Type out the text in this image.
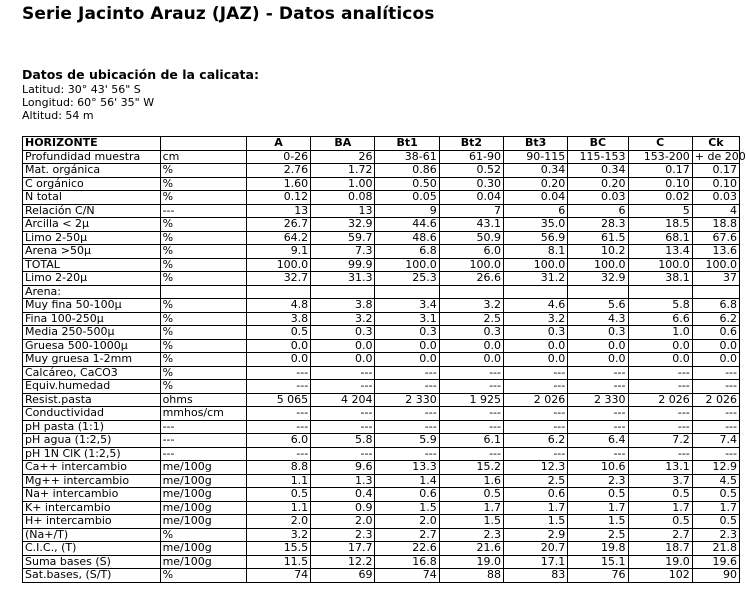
Serie Jacinto Arauz (JAZ) - Datos analíticos
Datos de ubicación de la calicata:
Latitud: 30° 43' 56" S
Longitud: 60° 56' 35" W
Altitud: 54 m
HORIZONTE		A	BA	Bt1	Bt2	Bt3	BC	C	Ck
Profundidad muestra	cm	0-26	26	38-61	61-90	90-115	115-153	153-200	+ de 200
Mat. orgánica	%	2.76	1.72	0.86	0.52	0.34	0.34	0.17	0.17
C orgánico	%	1.60	1.00	0.50	0.30	0.20	0.20	0.10	0.10
N total	%	0.12	0.08	0.05	0.04	0.04	0.03	0.02	0.03
Relación C/N	---	13	13	9	7	6	6	5	4
Arcilla < 2µ	%	26.7	32.9	44.6	43.1	35.0	28.3	18.5	18.8
Limo 2-50µ	%	64.2	59.7	48.6	50.9	56.9	61.5	68.1	67.6
Arena >50µ	%	9.1	7.3	6.8	6.0	8.1	10.2	13.4	13.6
TOTAL	%	100.0	99.9	100.0	100.0	100.0	100.0	100.0	100.0
Limo 2-20µ	%	32.7	31.3	25.3	26.6	31.2	32.9	38.1	37
Arena:									
Muy fina 50-100µ	%	4.8	3.8	3.4	3.2	4.6	5.6	5.8	6.8
Fina 100-250µ	%	3.8	3.2	3.1	2.5	3.2	4.3	6.6	6.2
Media 250-500µ	%	0.5	0.3	0.3	0.3	0.3	0.3	1.0	0.6
Gruesa 500-1000µ	%	0.0	0.0	0.0	0.0	0.0	0.0	0.0	0.0
Muy gruesa 1-2mm	%	0.0	0.0	0.0	0.0	0.0	0.0	0.0	0.0
Calcáreo, CaCO3	%	---	---	---	---	---	---	---	---
Equiv.humedad	%	---	---	---	---	---	---	---	---
Resist.pasta	ohms	5 065	4 204	2 330	1 925	2 026	2 330	2 026	2 026
Conductividad	mmhos/cm	---	---	---	---	---	---	---	---
pH pasta (1:1)	---	---	---	---	---	---	---	---	---
pH agua (1:2,5)	---	6.0	5.8	5.9	6.1	6.2	6.4	7.2	7.4
pH 1N ClK (1:2,5)	---	---	---	---	---	---	---	---	---
Ca++ intercambio	me/100g	8.8	9.6	13.3	15.2	12.3	10.6	13.1	12.9
Mg++ intercambio	me/100g	1.1	1.3	1.4	1.6	2.5	2.3	3.7	4.5
Na+ intercambio	me/100g	0.5	0.4	0.6	0.5	0.6	0.5	0.5	0.5
K+ intercambio	me/100g	1.1	0.9	1.5	1.7	1.7	1.7	1.7	1.7
H+ intercambio	me/100g	2.0	2.0	2.0	1.5	1.5	1.5	0.5	0.5
(Na+/T)	%	3.2	2.3	2.7	2.3	2.9	2.5	2.7	2.3
C.I.C., (T)	me/100g	15.5	17.7	22.6	21.6	20.7	19.8	18.7	21.8
Suma bases (S)	me/100g	11.5	12.2	16.8	19.0	17.1	15.1	19.0	19.6
Sat.bases, (S/T)	%	74	69	74	88	83	76	102	90
